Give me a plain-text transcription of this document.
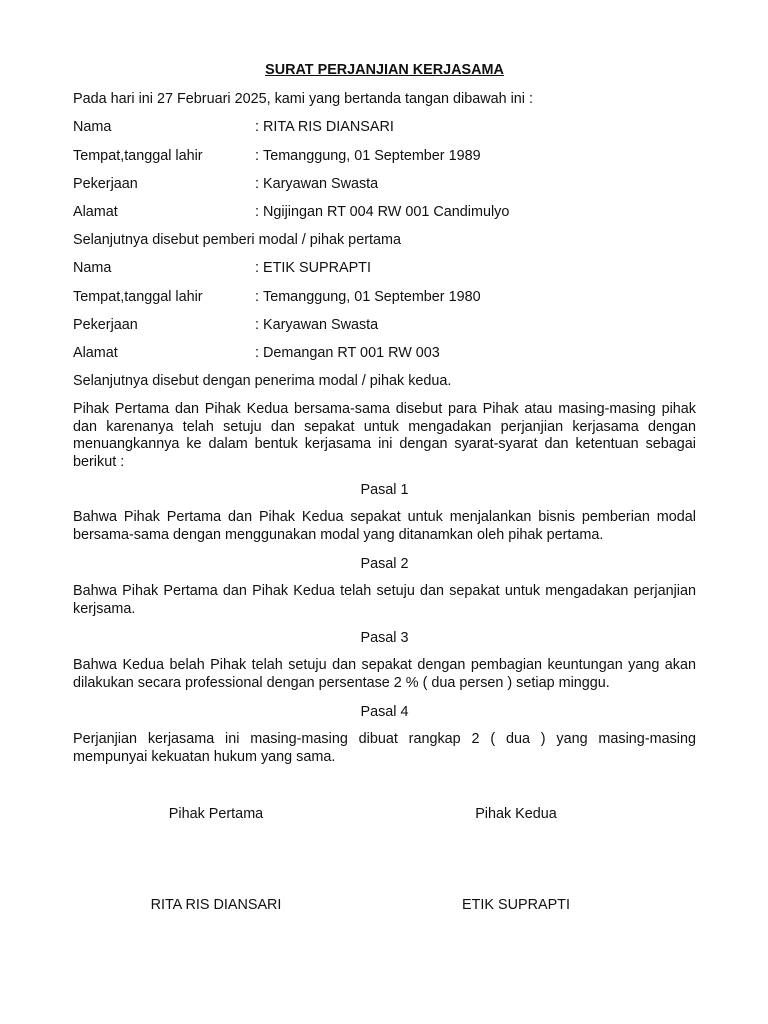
SURAT PERJANJIAN KERJASAMA
Pada hari ini 27 Februari 2025, kami yang bertanda tangan dibawah ini :
Nama	: RITA RIS DIANSARI
Tempat,tanggal lahir	: Temanggung, 01 September 1989
Pekerjaan	: Karyawan Swasta
Alamat	: Ngijingan RT 004 RW 001 Candimulyo
Selanjutnya disebut pemberi modal / pihak pertama
Nama	: ETIK SUPRAPTI
Tempat,tanggal lahir	: Temanggung, 01 September 1980
Pekerjaan	: Karyawan Swasta
Alamat	: Demangan RT 001 RW 003
Selanjutnya disebut dengan penerima modal / pihak kedua.
Pihak Pertama dan Pihak Kedua bersama-sama disebut para Pihak atau masing-masing pihak dan karenanya telah setuju dan sepakat untuk mengadakan perjanjian kerjasama dengan menuangkannya ke dalam bentuk kerjasama ini dengan syarat-syarat dan ketentuan sebagai berikut :
Pasal 1
Bahwa Pihak Pertama dan Pihak Kedua sepakat untuk menjalankan bisnis pemberian modal bersama-sama dengan menggunakan modal yang ditanamkan oleh pihak pertama.
Pasal 2
Bahwa Pihak Pertama dan Pihak Kedua telah setuju dan sepakat untuk mengadakan perjanjian kerjsama.
Pasal 3
Bahwa Kedua belah Pihak telah setuju dan sepakat dengan pembagian keuntungan yang akan dilakukan secara professional dengan persentase 2 % ( dua persen ) setiap minggu.
Pasal 4
Perjanjian kerjasama ini masing-masing dibuat rangkap 2 ( dua ) yang masing-masing mempunyai kekuatan hukum yang sama.
Pihak Pertama	Pihak Kedua
RITA RIS DIANSARI	ETIK SUPRAPTI
